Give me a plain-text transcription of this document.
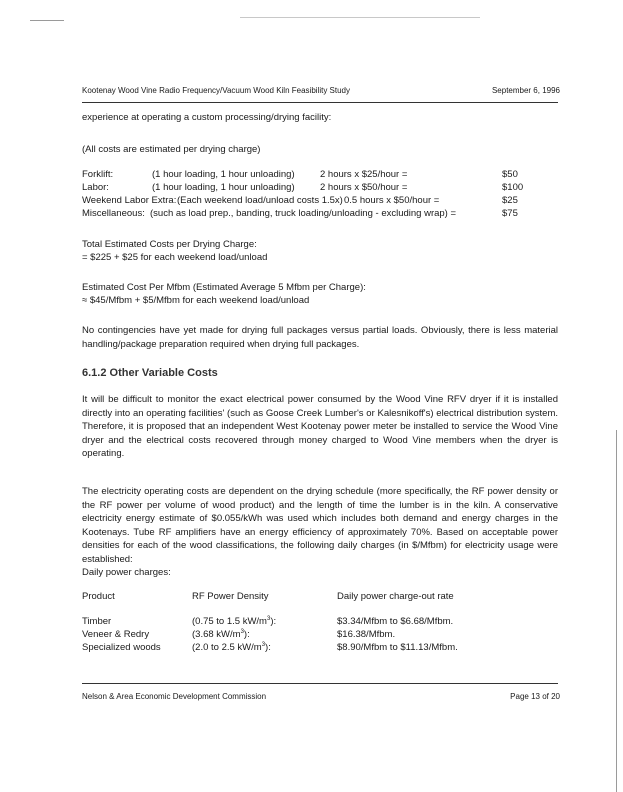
Kootenay Wood Vine Radio Frequency/Vacuum Wood Kiln Feasibility Study	September 6, 1996
experience at operating a custom processing/drying facility:
(All costs are estimated per drying charge)
Forklift:	(1 hour loading, 1 hour unloading)	2 hours x $25/hour =	$50
Labor:	(1 hour loading, 1 hour unloading)	2 hours x $50/hour =	$100
Weekend Labor Extra: (Each weekend load/unload costs 1.5x) 0.5 hours x $50/hour =	$25
Miscellaneous: (such as load prep., banding, truck loading/unloading - excluding wrap) =	$75
Total Estimated Costs per Drying Charge:
= $225 + $25 for each weekend load/unload
Estimated Cost Per Mfbm (Estimated Average 5 Mfbm per Charge):
≈ $45/Mfbm + $5/Mfbm for each weekend load/unload
No contingencies have yet made for drying full packages versus partial loads. Obviously, there is less material handling/package preparation required when drying full packages.
6.1.2 Other Variable Costs
It will be difficult to monitor the exact electrical power consumed by the Wood Vine RFV dryer if it is installed directly into an operating facilities' (such as Goose Creek Lumber's or Kalesnikoff's) electrical distribution system. Therefore, it is proposed that an independent West Kootenay power meter be installed to service the Wood Vine dryer and the electrical costs recovered through money charged to Wood Vine members when the dryer is operating.
The electricity operating costs are dependent on the drying schedule (more specifically, the RF power density or the RF power per volume of wood product) and the length of time the lumber is in the kiln. A conservative electricity energy estimate of $0.055/kWh was used which includes both demand and energy charges in the Kootenays. Tube RF amplifiers have an energy efficiency of approximately 70%. Based on acceptable power densities for each of the wood classifications, the following daily charges (in $/Mfbm) for electricity usage were established:
Daily power charges:
Product	RF Power Density	Daily power charge-out rate
Timber	(0.75 to 1.5 $kW/m^3$):	$3.34/Mfbm to $6.68/Mfbm.
Veneer & Redry	(3.68 $kW/m^3$):	$16.38/Mfbm.
Specialized woods	(2.0 to 2.5 $kW/m^3$):	$8.90/Mfbm to $11.13/Mfbm.
Nelson & Area Economic Development Commission	Page 13 of 20
